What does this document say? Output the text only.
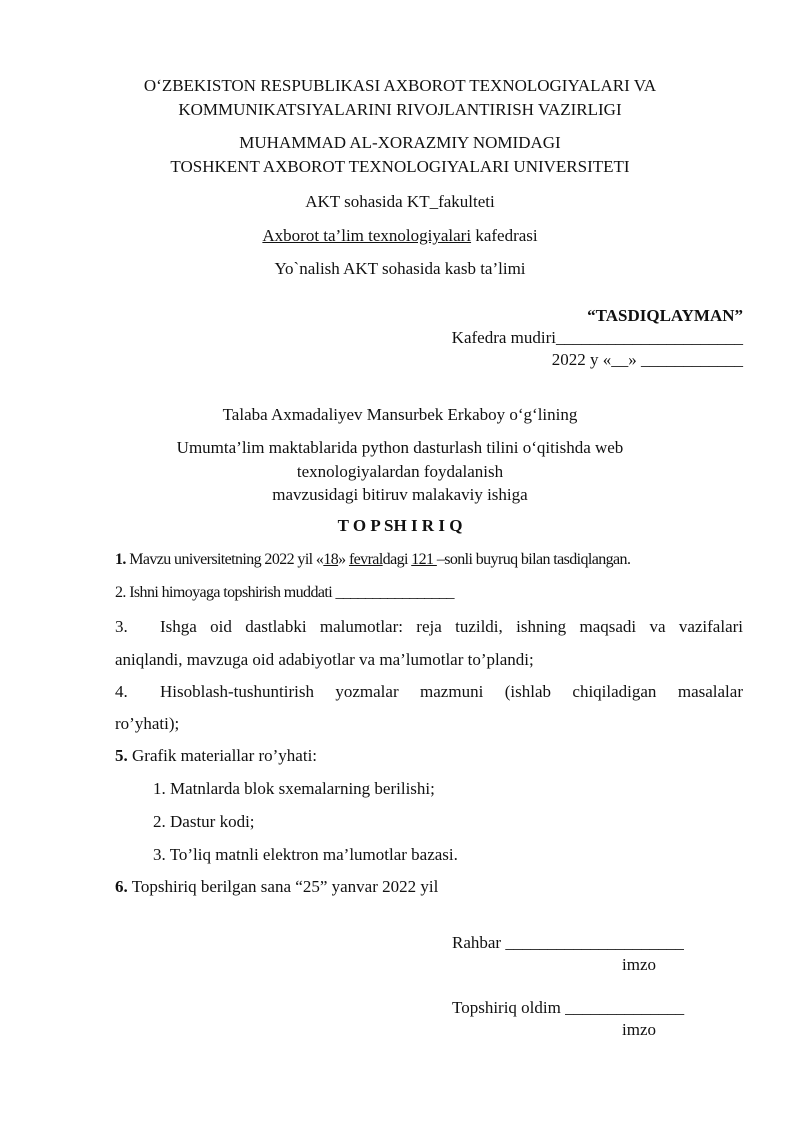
O‘ZBEKISTON RESPUBLIKASI AXBOROT TEXNOLOGIYALARI VA
KOMMUNIKATSIYALARINI RIVOJLANTIRISH VAZIRLIGI
MUHAMMAD AL-XORAZMIY NOMIDAGI
TOSHKENT AXBOROT TEXNOLOGIYALARI UNIVERSITETI
AKT sohasida KT_fakulteti
Axborot ta’lim texnologiyalari kafedrasi
Yo`nalish AKT sohasida kasb ta’limi
“TASDIQLAYMAN”
Kafedra mudiri______________________
2022 y «__» ____________
Talaba Axmadaliyev Mansurbek Erkaboy o‘g‘lining
Umumta’lim maktablarida python dasturlash tilini o‘qitishda web
texnologiyalardan foydalanish
mavzusidagi bitiruv malakaviy ishiga
T O P SH I R I Q
1. Mavzu universitetning 2022 yil «18» fevraldagi 121 –sonli buyruq bilan tasdiqlangan.
2. Ishni himoyaga topshirish muddati ________________
3. Ishga oid dastlabki malumotlar: reja tuzildi, ishning maqsadi va vazifalari
aniqlandi, mavzuga oid adabiyotlar va ma’lumotlar to’plandi;
4. Hisoblash-tushuntirish yozmalar mazmuni (ishlab chiqiladigan masalalar
ro’yhati);
5. Grafik materiallar ro’yhati:
1. Matnlarda blok sxemalarning berilishi;
2. Dastur kodi;
3. To’liq matnli elektron ma’lumotlar bazasi.
6. Topshiriq berilgan sana “25” yanvar 2022 yil
Rahbar _____________________
imzo
Topshiriq oldim ______________
imzo
